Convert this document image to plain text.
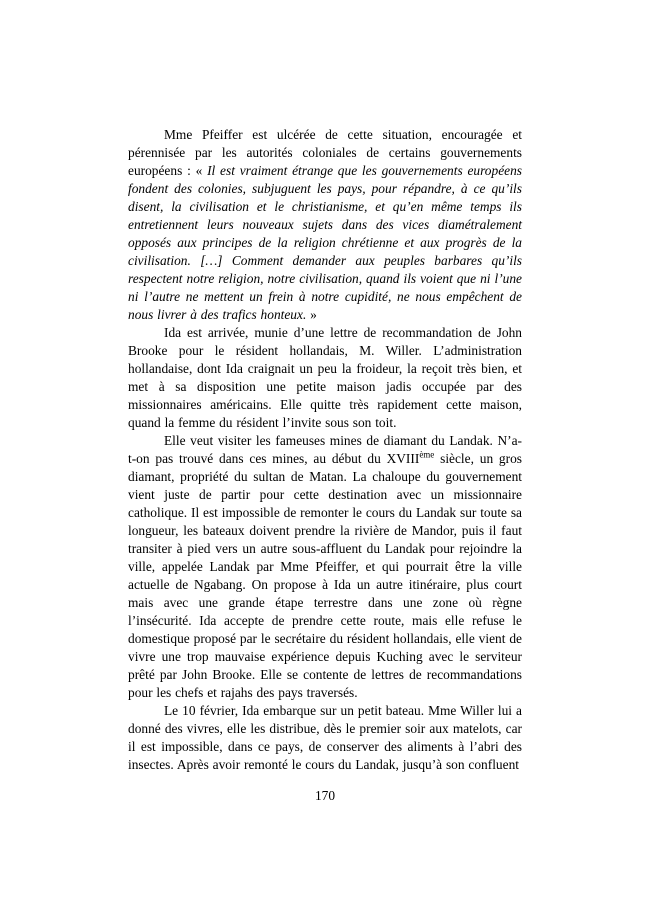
Mme Pfeiffer est ulcérée de cette situation, encouragée et pérennisée par les autorités coloniales de certains gouvernements européens : « Il est vraiment étrange que les gouvernements européens fondent des colonies, subjuguent les pays, pour répandre, à ce qu’ils disent, la civilisation et le christianisme, et qu’en même temps ils entretiennent leurs nouveaux sujets dans des vices diamétralement opposés aux principes de la religion chrétienne et aux progrès de la civilisation. […] Comment demander aux peuples barbares qu’ils respectent notre religion, notre civilisation, quand ils voient que ni l’une ni l’autre ne mettent un frein à notre cupidité, ne nous empêchent de nous livrer à des trafics honteux. »

Ida est arrivée, munie d’une lettre de recommandation de John Brooke pour le résident hollandais, M. Willer. L’administration hollandaise, dont Ida craignait un peu la froideur, la reçoit très bien, et met à sa disposition une petite maison jadis occupée par des missionnaires américains. Elle quitte très rapidement cette maison, quand la femme du résident l’invite sous son toit.

Elle veut visiter les fameuses mines de diamant du Landak. N’a-t-on pas trouvé dans ces mines, au début du XVIIIème siècle, un gros diamant, propriété du sultan de Matan. La chaloupe du gouvernement vient juste de partir pour cette destination avec un missionnaire catholique. Il est impossible de remonter le cours du Landak sur toute sa longueur, les bateaux doivent prendre la rivière de Mandor, puis il faut transiter à pied vers un autre sous-affluent du Landak pour rejoindre la ville, appelée Landak par Mme Pfeiffer, et qui pourrait être la ville actuelle de Ngabang. On propose à Ida un autre itinéraire, plus court mais avec une grande étape terrestre dans une zone où règne l’insécurité. Ida accepte de prendre cette route, mais elle refuse le domestique proposé par le secrétaire du résident hollandais, elle vient de vivre une trop mauvaise expérience depuis Kuching avec le serviteur prêté par John Brooke. Elle se contente de lettres de recommandations pour les chefs et rajahs des pays traversés.

Le 10 février, Ida embarque sur un petit bateau. Mme Willer lui a donné des vivres, elle les distribue, dès le premier soir aux matelots, car il est impossible, dans ce pays, de conserver des aliments à l’abri des insectes. Après avoir remonté le cours du Landak, jusqu’à son confluent

170
